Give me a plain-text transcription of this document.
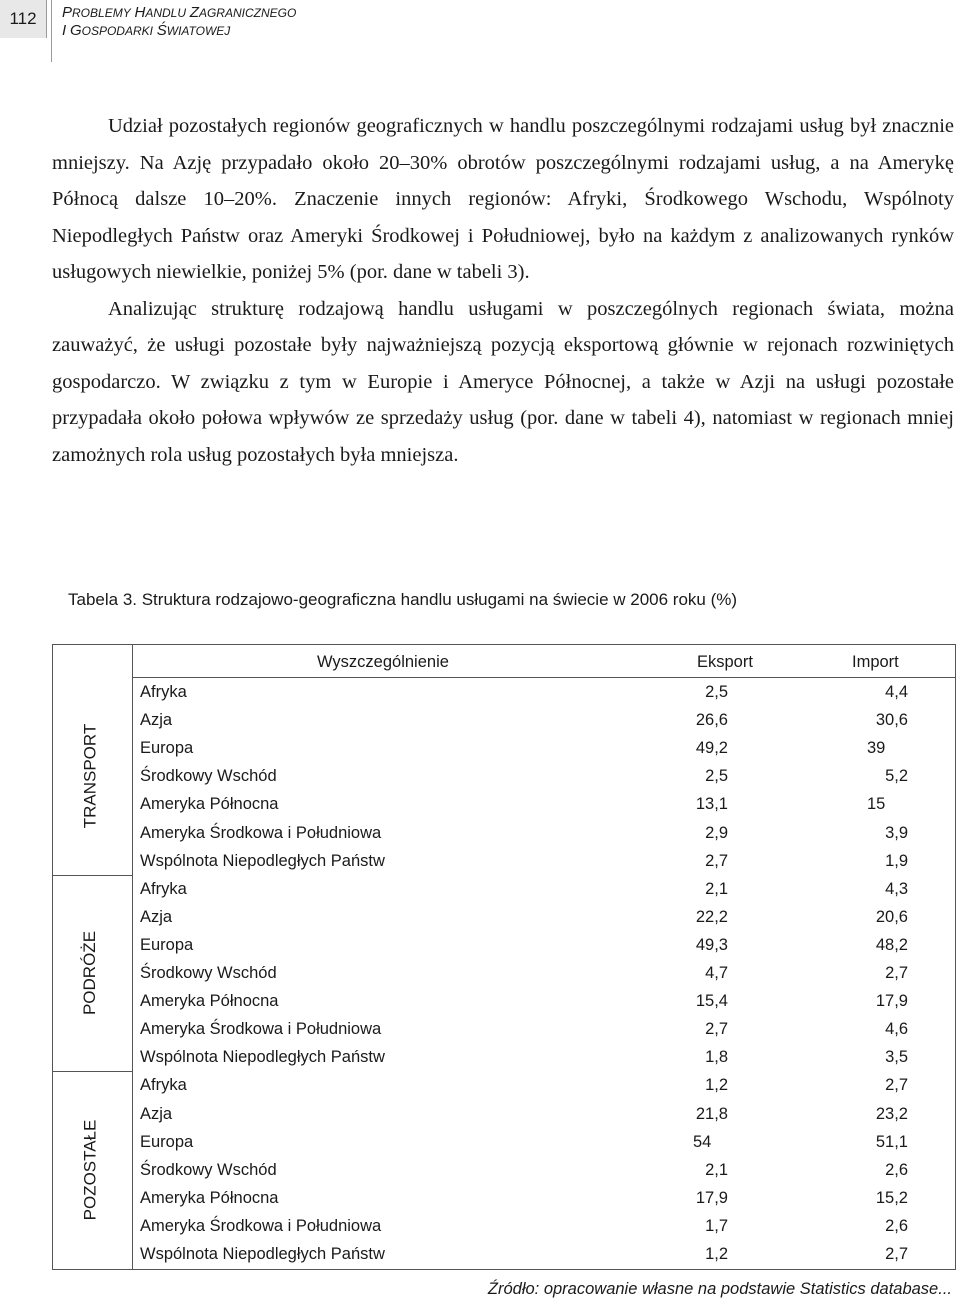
112	PROBLEMY HANDLU ZAGRANICZNEGO
I GOSPODARKI ŚWIATOWEJ

Udział pozostałych regionów geograficznych w handlu poszczególnymi rodzajami usług był znacznie mniejszy. Na Azję przypadało około 20–30% obrotów poszczególnymi rodzajami usług, a na Amerykę Północą dalsze 10–20%. Znaczenie innych regionów: Afryki, Środkowego Wschodu, Wspólnoty Niepodległych Państw oraz Ameryki Środkowej i Południowej, było na każdym z analizowanych rynków usługowych niewielkie, poniżej 5% (por. dane w tabeli 3).

Analizując strukturę rodzajową handlu usługami w poszczególnych regionach świata, można zauważyć, że usługi pozostałe były najważniejszą pozycją eksportową głównie w rejonach rozwiniętych gospodarczo. W związku z tym w Europie i Ameryce Północnej, a także w Azji na usługi pozostałe przypadała około połowa wpływów ze sprzedaży usług (por. dane w tabeli 4), natomiast w regionach mniej zamożnych rola usług pozostałych była mniejsza.

Tabela 3. Struktura rodzajowo-geograficzna handlu usługami na świecie w 2006 roku (%)
Wyszczególnienie	Eksport	Import
TRANSPORT
Afryka	2,5	4,4
Azja	26,6	30,6
Europa	49,2	39
Środkowy Wschód	2,5	5,2
Ameryka Północna	13,1	15
Ameryka Środkowa i Południowa	2,9	3,9
Wspólnota Niepodległych Państw	2,7	1,9
PODRÓŻE
Afryka	2,1	4,3
Azja	22,2	20,6
Europa	49,3	48,2
Środkowy Wschód	4,7	2,7
Ameryka Północna	15,4	17,9
Ameryka Środkowa i Południowa	2,7	4,6
Wspólnota Niepodległych Państw	1,8	3,5
POZOSTAŁE
Afryka	1,2	2,7
Azja	21,8	23,2
Europa	54	51,1
Środkowy Wschód	2,1	2,6
Ameryka Północna	17,9	15,2
Ameryka Środkowa i Południowa	1,7	2,6
Wspólnota Niepodległych Państw	1,2	2,7
Źródło: opracowanie własne na podstawie Statistics database...
